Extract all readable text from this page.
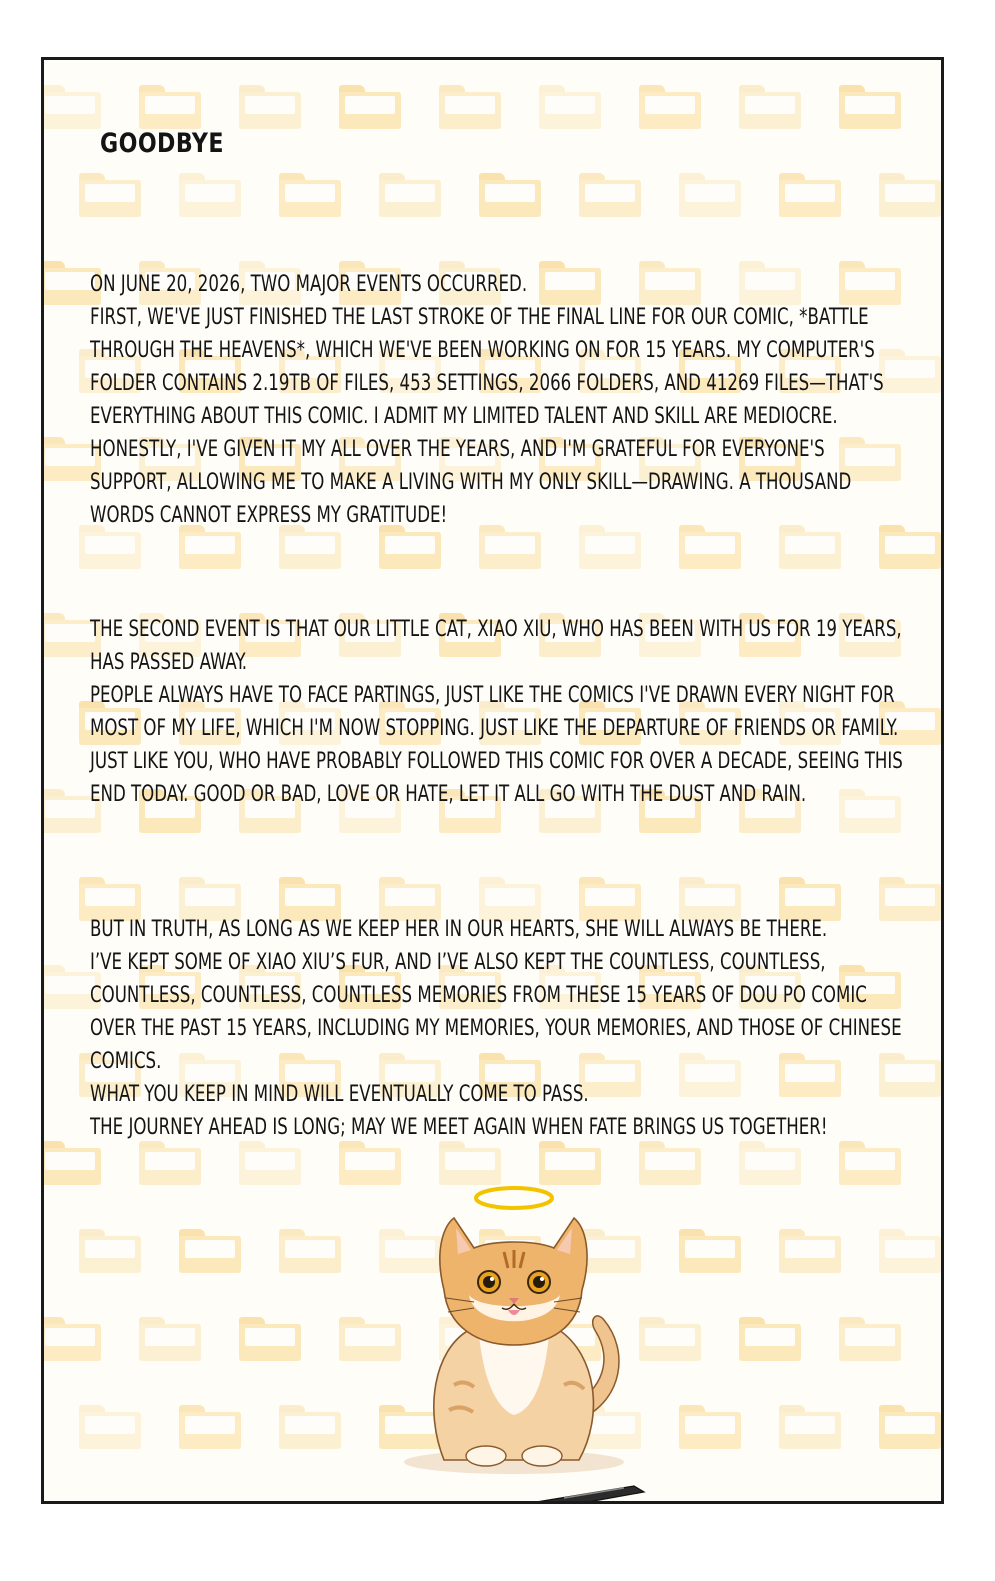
GOODBYE
ON JUNE 20, 2026, TWO MAJOR EVENTS OCCURRED.
FIRST, WE'VE JUST FINISHED THE LAST STROKE OF THE FINAL LINE FOR OUR COMIC, *BATTLE THROUGH THE HEAVENS*, WHICH WE'VE BEEN WORKING ON FOR 15 YEARS. MY COMPUTER'S FOLDER CONTAINS 2.19TB OF FILES, 453 SETTINGS, 2066 FOLDERS, AND 41269 FILES—THAT'S EVERYTHING ABOUT THIS COMIC. I ADMIT MY LIMITED TALENT AND SKILL ARE MEDIOCRE. HONESTLY, I'VE GIVEN IT MY ALL OVER THE YEARS, AND I'M GRATEFUL FOR EVERYONE'S SUPPORT, ALLOWING ME TO MAKE A LIVING WITH MY ONLY SKILL—DRAWING. A THOUSAND WORDS CANNOT EXPRESS MY GRATITUDE!
THE SECOND EVENT IS THAT OUR LITTLE CAT, XIAO XIU, WHO HAS BEEN WITH US FOR 19 YEARS, HAS PASSED AWAY.
PEOPLE ALWAYS HAVE TO FACE PARTINGS, JUST LIKE THE COMICS I'VE DRAWN EVERY NIGHT FOR MOST OF MY LIFE, WHICH I'M NOW STOPPING. JUST LIKE THE DEPARTURE OF FRIENDS OR FAMILY. JUST LIKE YOU, WHO HAVE PROBABLY FOLLOWED THIS COMIC FOR OVER A DECADE, SEEING THIS END TODAY. GOOD OR BAD, LOVE OR HATE, LET IT ALL GO WITH THE DUST AND RAIN.
BUT IN TRUTH, AS LONG AS WE KEEP HER IN OUR HEARTS, SHE WILL ALWAYS BE THERE.
I’VE KEPT SOME OF XIAO XIU’S FUR, AND I’VE ALSO KEPT THE COUNTLESS, COUNTLESS, COUNTLESS, COUNTLESS, COUNTLESS MEMORIES FROM THESE 15 YEARS OF DOU PO COMIC OVER THE PAST 15 YEARS, INCLUDING MY MEMORIES, YOUR MEMORIES, AND THOSE OF CHINESE COMICS.
WHAT YOU KEEP IN MIND WILL EVENTUALLY COME TO PASS.
THE JOURNEY AHEAD IS LONG; MAY WE MEET AGAIN WHEN FATE BRINGS US TOGETHER!
